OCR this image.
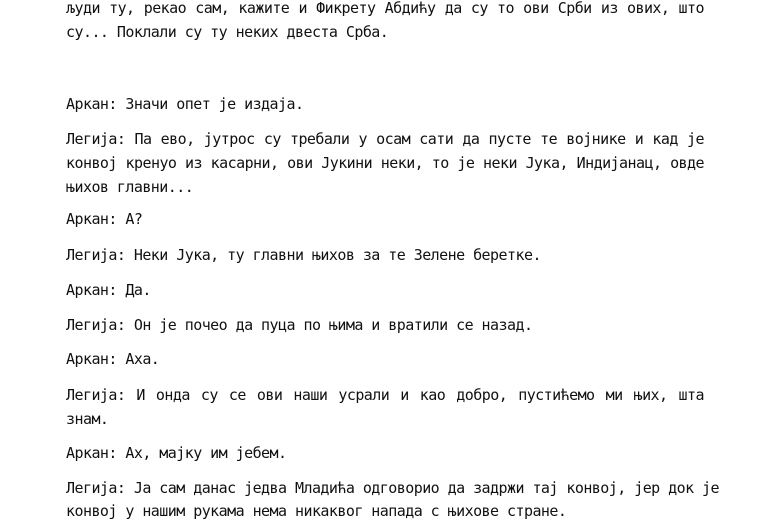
људи ту, рекао сам, кажите и Фикрету Абдићу да су то ови Срби из ових, што

су... Поклали су ту неких двеста Срба.

Аркан: Значи опет је издаја.

Легија: Па ево, јутрос су требали у осам сати да пусте те војнике и кад је

конвој кренуо из касарни, ови Јукини неки, то је неки Јука, Индијанац, овде

њихов главни...

Аркан: А?

Легија: Неки Јука, ту главни њихов за те Зелене беретке.

Аркан: Да.

Легија: Он је почео да пуца по њима и вратили се назад.

Аркан: Аха.

Легија: И онда су се ови наши усрали и као добро, пустићемо ми њих, шта

знам.

Аркан: Ах, мајку им јебем.

Легија: Ја сам данас једва Младића одговорио да задржи тај конвој, јер док је

конвој у нашим рукама нема никаквог напада с њихове стране.
